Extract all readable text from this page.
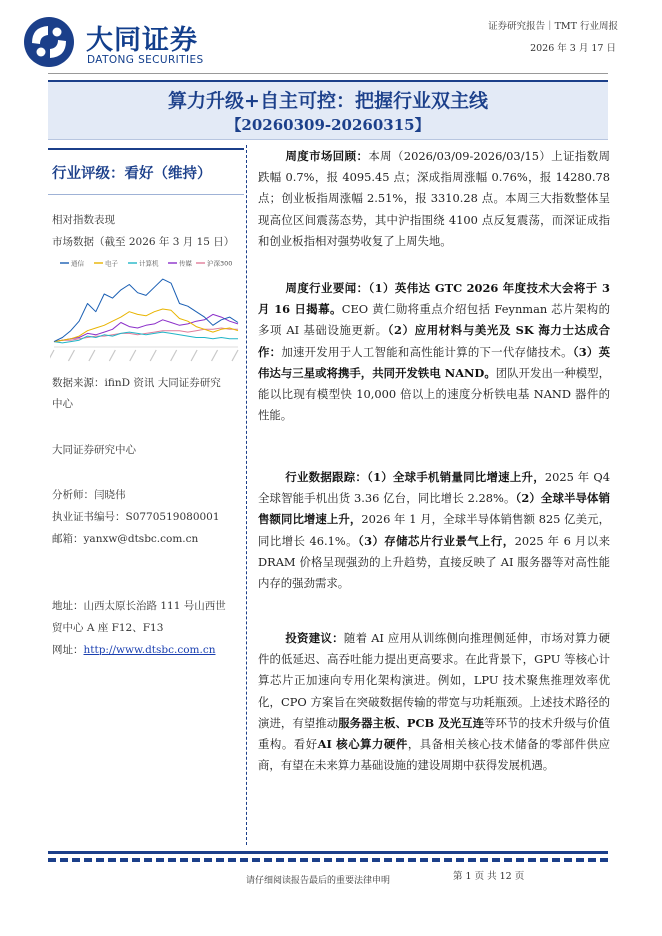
大同证券
DATONG SECURITIES
证券研究报告｜TMT 行业周报
2026 年 3 月 17 日
算力升级+自主可控：把握行业双主线
【20260309-20260315】
行业评级：看好（维持）
相对指数表现
市场数据（截至 2026 年 3 月 15 日）
通信	电子	计算机	传媒 沪深300
数据来源：ifinD 资讯 大同证券研究
中心
大同证券研究中心
分析师：闫晓伟
执业证书编号：S0770519080001
邮箱：yanxw@dtsbc.com.cn
地址：山西太原长治路 111 号山西世
贸中心 A 座 F12、F13
网址：http://www.dtsbc.com.cn
周度市场回顾：本周（2026/03/09-2026/03/15）上证指数周跌幅 0.7%，报 4095.45 点；深成指周涨幅 0.76%，报 14280.78 点；创业板指周涨幅 2.51%，报 3310.28 点。本周三大指数整体呈现高位区间震荡态势，其中沪指围绕 4100 点反复震荡，而深证成指和创业板指相对强势收复了上周失地。
周度行业要闻：（1）英伟达 GTC 2026 年度技术大会将于 3 月 16 日揭幕。CEO 黄仁勋将重点介绍包括 Feynman 芯片架构的多项 AI 基础设施更新。（2）应用材料与美光及 SK 海力士达成合作：加速开发用于人工智能和高性能计算的下一代存储技术。（3）英伟达与三星或将携手，共同开发铁电 NAND。团队开发出一种模型，能以比现有模型快 10,000 倍以上的速度分析铁电基 NAND 器件的性能。
行业数据跟踪：（1）全球手机销量同比增速上升，2025 年 Q4 全球智能手机出货 3.36 亿台，同比增长 2.28%。（2）全球半导体销售额同比增速上升，2026 年 1 月，全球半导体销售额 825 亿美元，同比增长 46.1%。（3）存储芯片行业景气上行，2025 年 6 月以来 DRAM 价格呈现强劲的上升趋势，直接反映了 AI 服务器等对高性能内存的强劲需求。
投资建议：随着 AI 应用从训练侧向推理侧延伸，市场对算力硬件的低延迟、高吞吐能力提出更高要求。在此背景下，GPU 等核心计算芯片正加速向专用化架构演进。例如，LPU 技术聚焦推理效率优化，CPO 方案旨在突破数据传输的带宽与功耗瓶颈。上述技术路径的演进，有望推动服务器主板、PCB 及光互连等环节的技术升级与价值重构。看好AI 核心算力硬件，具备相关核心技术储备的零部件供应商，有望在未来算力基础设施的建设周期中获得发展机遇。
请仔细阅读报告最后的重要法律申明	第 1 页 共 12 页
